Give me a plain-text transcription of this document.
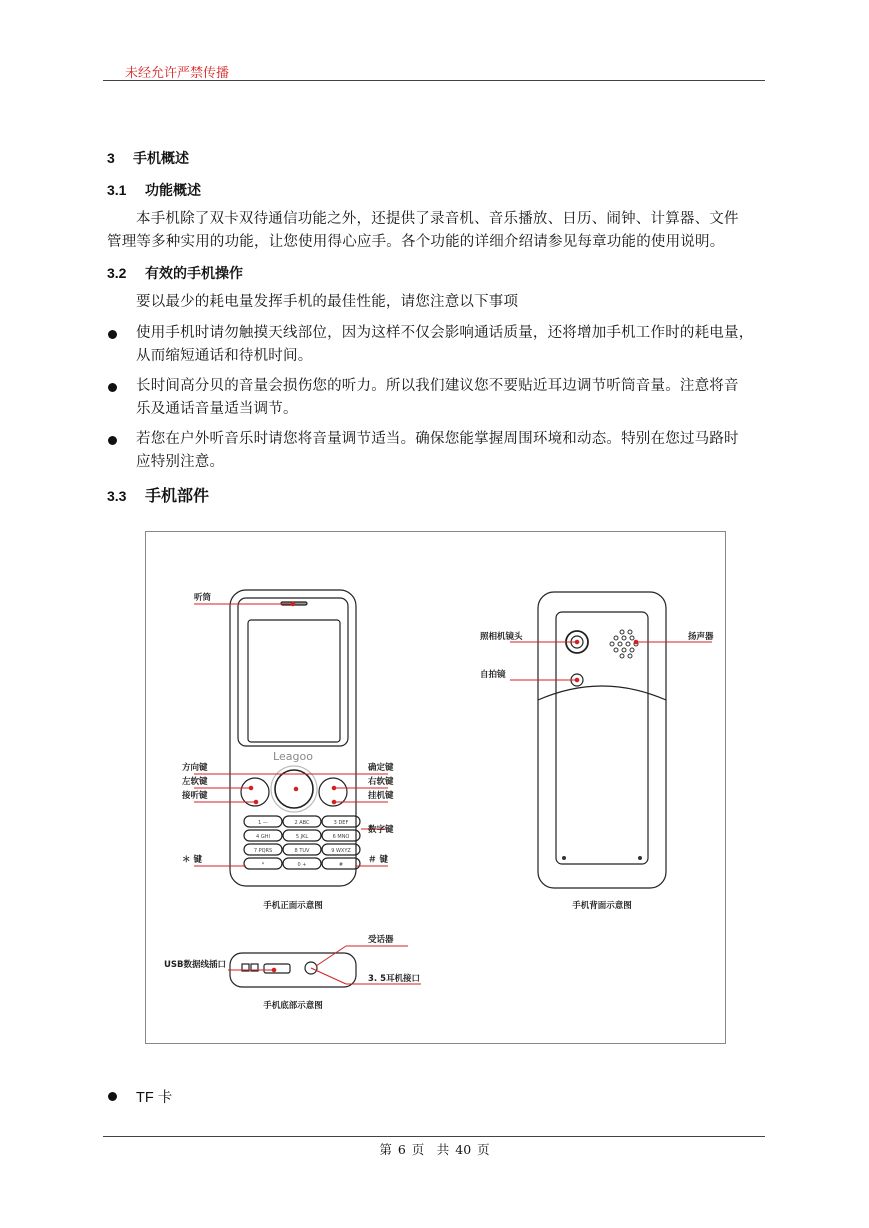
未经允许严禁传播
3 手机概述
3.1 功能概述
本手机除了双卡双待通信功能之外，还提供了录音机、音乐播放、日历、闹钟、计算器、文件
管理等多种实用的功能，让您使用得心应手。各个功能的详细介绍请参见每章功能的使用说明。
3.2 有效的手机操作
要以最少的耗电量发挥手机的最佳性能，请您注意以下事项
使用手机时请勿触摸天线部位，因为这样不仅会影响通话质量，还将增加手机工作时的耗电量，
从而缩短通话和待机时间。
长时间高分贝的音量会损伤您的听力。所以我们建议您不要贴近耳边调节听筒音量。注意将音
乐及通话音量适当调节。
若您在户外听音乐时请您将音量调节适当。确保您能掌握周围环境和动态。特别在您过马路时
应特别注意。
3.3 手机部件
Leagoo
1 —	2 ABC	3 DEF
4 GHI	5 JKL	6 MNO
7 PQRS	8 TUV	9 WXYZ
*	0 +	#
听筒
方向键
左软键
接听键
确定键
右软键
挂机键
数字键
＊ 键	＃ 键
手机正面示意图
照相机镜头	扬声器
自拍镜
手机背面示意图
USB数据线插口
受话器
3. 5耳机接口
手机底部示意图
TF 卡
第 6 页　共 40 页
